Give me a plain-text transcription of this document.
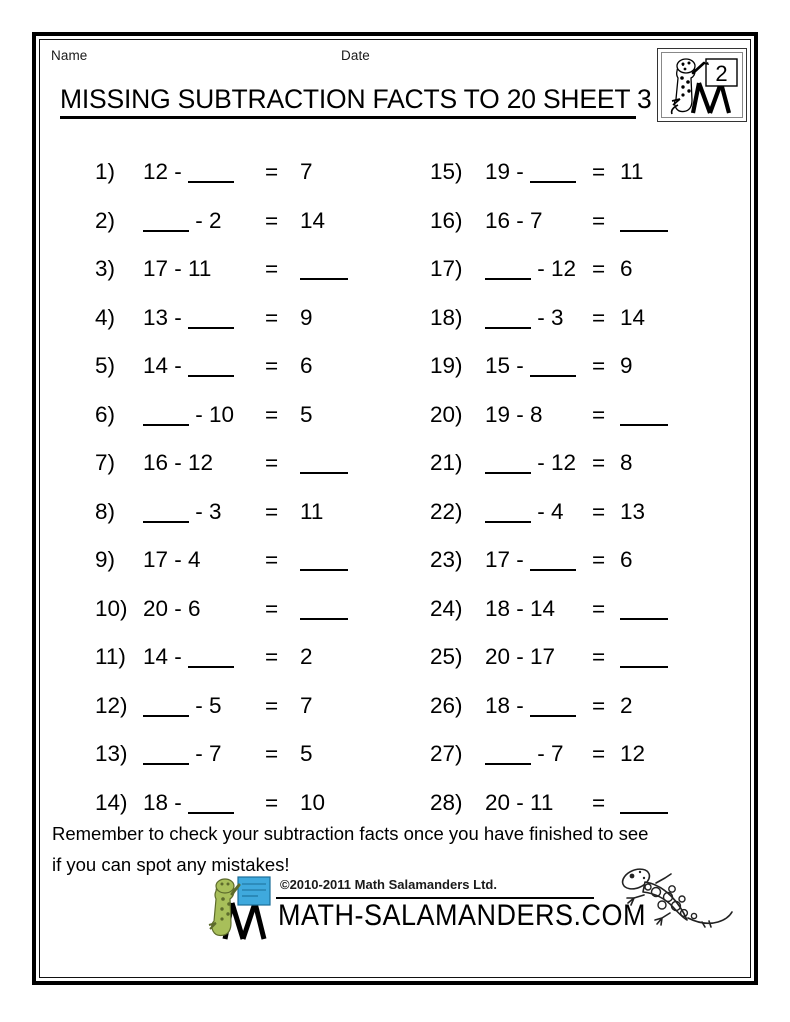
Name	Date
MISSING SUBTRACTION FACTS TO 20 SHEET 3
2
1)	12 -	= 7
2)	- 2 = 14
3)	17 - 11 =
4)	13 -	= 9
5)	14 -	= 6
6)	- 10 = 5
7)	16 - 12 =
8)	- 3 = 11
9)	17 - 4	=
10) 20 - 6	=
11) 14 -	= 2
12)	- 5 = 7
13)	- 7 = 5
14) 18 -	= 10
15) 19 -	= 11
16) 16 - 7 =
17)	- 12 = 6
18)	- 3 = 14
19) 15 -	= 9
20) 19 - 8 =
21)	- 12 = 8
22)	- 4 = 13
23) 17 -	= 6
24) 18 - 14 =
25) 20 - 17 =
26) 18 -	= 2
27)	- 7 = 12
28) 20 - 11 =
Remember to check your subtraction facts once you have finished to see
if you can spot any mistakes!
©2010-2011 Math Salamanders Ltd.
MATH-SALAMANDERS.COM
